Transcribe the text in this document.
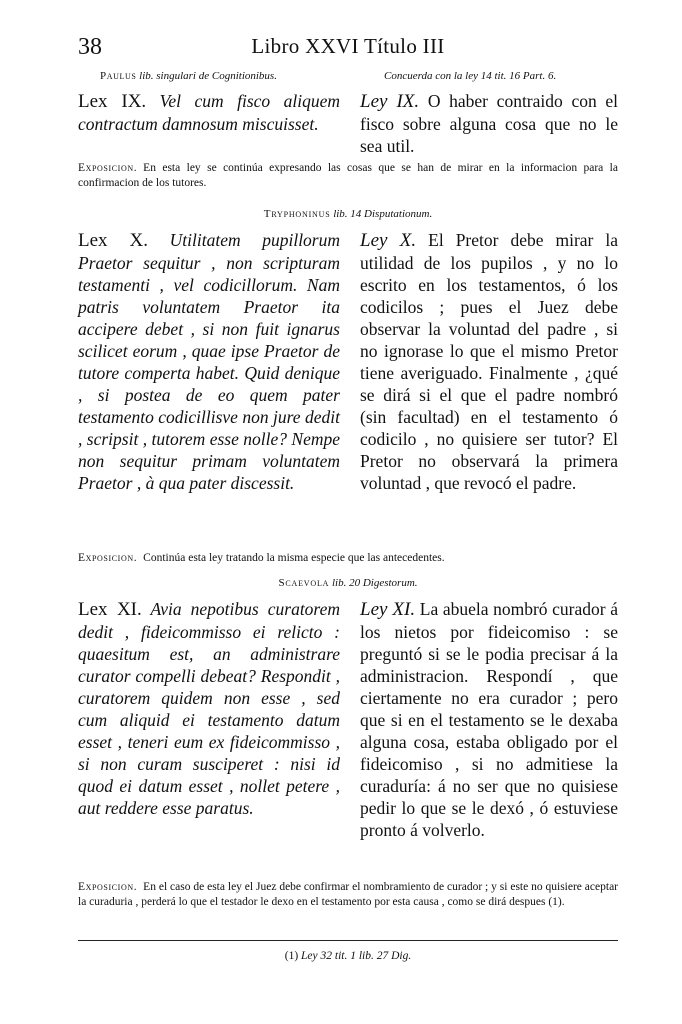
38	Libro XXVI Título III
Paulus lib. singulari de Cognitionibus.	Concuerda con la ley 14 tit. 16 Part. 6.

Lex IX. Vel cum fisco aliquem contractum damnosum miscuisset.

Ley IX. O haber contraido con el fisco sobre alguna cosa que no le sea util.

Exposicion. En esta ley se continúa expresando las cosas que se han de mirar en la informacion para la confirmacion de los tutores.

Tryphoninus lib. 14 Disputationum.

Lex X. Utilitatem pupillorum Praetor sequitur , non scripturam testamenti , vel codicillorum. Nam patris voluntatem Praetor ita accipere debet , si non fuit ignarus scilicet eorum , quae ipse Praetor de tutore comperta habet. Quid denique , si postea de eo quem pater testamento codicillisve non jure dedit , scripsit , tutorem esse nolle? Nempe non sequitur primam voluntatem Praetor , à qua pater discessit.

Ley X. El Pretor debe mirar la utilidad de los pupilos , y no lo escrito en los testamentos, ó los codicilos ; pues el Juez debe observar la voluntad del padre , si no ignorase lo que el mismo Pretor tiene averiguado. Finalmente , ¿qué se dirá si el que el padre nombró (sin facultad) en el testamento ó codicilo , no quisiere ser tutor? El Pretor no observará la primera voluntad , que revocó el padre.

Exposicion. Continúa esta ley tratando la misma especie que las antecedentes.

Scaevola lib. 20 Digestorum.

Lex XI. Avia nepotibus curatorem dedit , fideicommisso ei relicto : quaesitum est, an administrare curator compelli debeat? Respondit , curatorem quidem non esse , sed cum aliquid ei testamento datum esset , teneri eum ex fideicommisso , si non curam susciperet : nisi id quod ei datum esset , nollet petere , aut reddere esse paratus.

Ley XI. La abuela nombró curador á los nietos por fideicomiso : se preguntó si se le podia precisar á la administracion. Respondí , que ciertamente no era curador ; pero que si en el testamento se le dexaba alguna cosa, estaba obligado por el fideicomiso , si no admitiese la curaduría: á no ser que no quisiese pedir lo que se le dexó , ó estuviese pronto á volverlo.

Exposicion. En el caso de esta ley el Juez debe confirmar el nombramiento de curador ; y si este no quisiere aceptar la curaduria , perderá lo que el testador le dexo en el testamento por esta causa , como se dirá despues (1).

(1) Ley 32 tit. 1 lib. 27 Dig.
